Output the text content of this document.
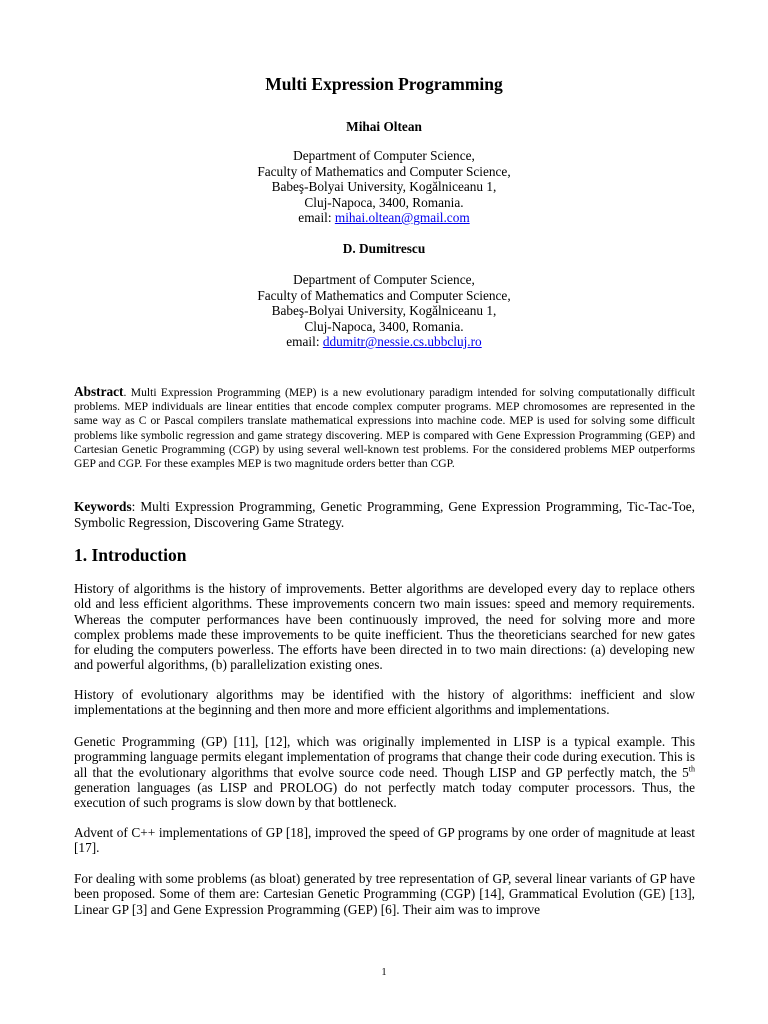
Multi Expression Programming
Mihai Oltean
Department of Computer Science,
Faculty of Mathematics and Computer Science,
Babeş-Bolyai University, Kogălniceanu 1,
Cluj-Napoca, 3400, Romania.
email: mihai.oltean@gmail.com
D. Dumitrescu
Department of Computer Science,
Faculty of Mathematics and Computer Science,
Babeş-Bolyai University, Kogălniceanu 1,
Cluj-Napoca, 3400, Romania.
email: ddumitr@nessie.cs.ubbcluj.ro
Abstract. Multi Expression Programming (MEP) is a new evolutionary paradigm intended for solving computationally difficult problems. MEP individuals are linear entities that encode complex computer programs. MEP chromosomes are represented in the same way as C or Pascal compilers translate mathematical expressions into machine code. MEP is used for solving some difficult problems like symbolic regression and game strategy discovering. MEP is compared with Gene Expression Programming (GEP) and Cartesian Genetic Programming (CGP) by using several well-known test problems. For the considered problems MEP outperforms GEP and CGP. For these examples MEP is two magnitude orders better than CGP.
Keywords: Multi Expression Programming, Genetic Programming, Gene Expression Programming, Tic-Tac-Toe, Symbolic Regression, Discovering Game Strategy.
1. Introduction
History of algorithms is the history of improvements. Better algorithms are developed every day to replace others old and less efficient algorithms. These improvements concern two main issues: speed and memory requirements. Whereas the computer performances have been continuously improved, the need for solving more and more complex problems made these improvements to be quite inefficient. Thus the theoreticians searched for new gates for eluding the computers powerless. The efforts have been directed in to two main directions: (a) developing new and powerful algorithms, (b) parallelization existing ones.
History of evolutionary algorithms may be identified with the history of algorithms: inefficient and slow implementations at the beginning and then more and more efficient algorithms and implementations.
Genetic Programming (GP) [11], [12], which was originally implemented in LISP is a typical example. This programming language permits elegant implementation of programs that change their code during execution. This is all that the evolutionary algorithms that evolve source code need. Though LISP and GP perfectly match, the 5th generation languages (as LISP and PROLOG) do not perfectly match today computer processors. Thus, the execution of such programs is slow down by that bottleneck.
Advent of C++ implementations of GP [18], improved the speed of GP programs by one order of magnitude at least [17].
For dealing with some problems (as bloat) generated by tree representation of GP, several linear variants of GP have been proposed. Some of them are: Cartesian Genetic Programming (CGP) [14], Grammatical Evolution (GE) [13], Linear GP [3] and Gene Expression Programming (GEP) [6]. Their aim was to improve
1
